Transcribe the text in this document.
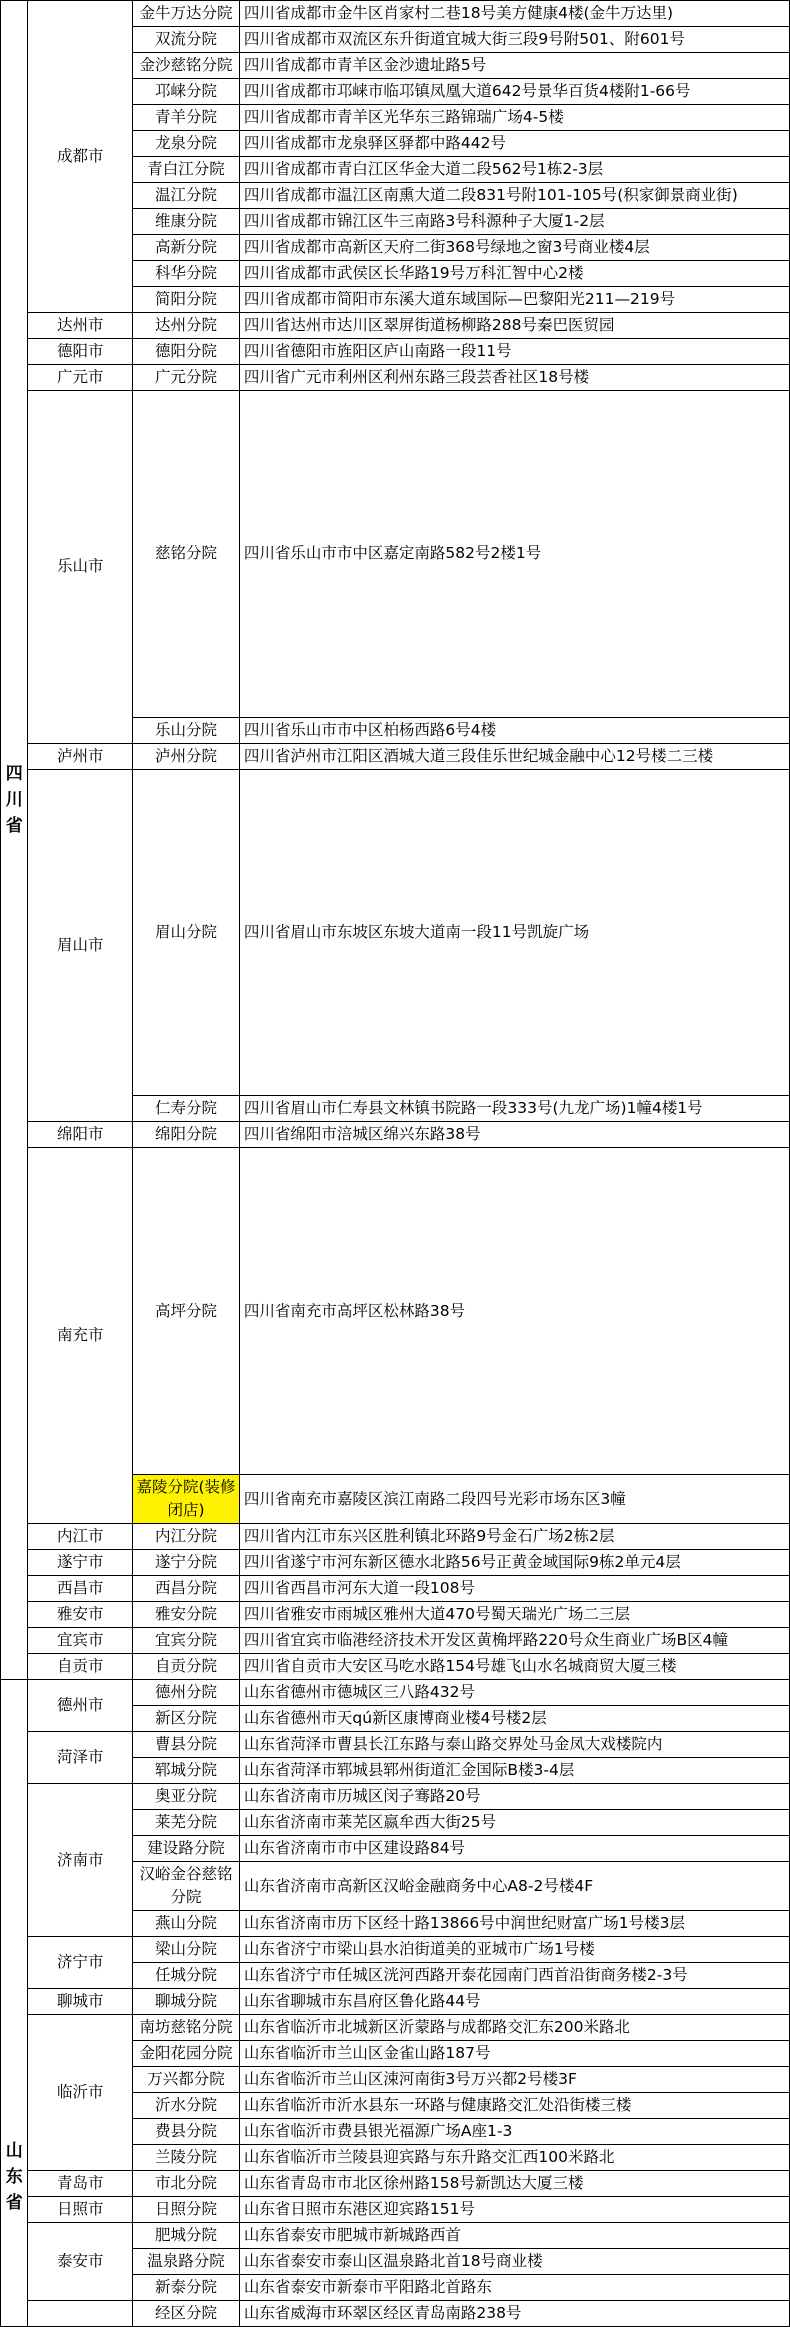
四
川
省	成都市	金牛万达分院	四川省成都市金牛区肖家村二巷18号美方健康4楼(金牛万达里)
		双流分院	四川省成都市双流区东升街道宜城大街三段9号附501、附601号
		金沙慈铭分院	四川省成都市青羊区金沙遗址路5号
		邛崃分院	四川省成都市邛崃市临邛镇凤凰大道642号景华百货4楼附1-66号
		青羊分院	四川省成都市青羊区光华东三路锦瑞广场4-5楼
		龙泉分院	四川省成都市龙泉驿区驿都中路442号
		青白江分院	四川省成都市青白江区华金大道二段562号1栋2-3层
		温江分院	四川省成都市温江区南熏大道二段831号附101-105号(积家御景商业街)
		维康分院	四川省成都市锦江区牛三南路3号科源种子大厦1-2层
		高新分院	四川省成都市高新区天府二街368号绿地之窗3号商业楼4层
		科华分院	四川省成都市武侯区长华路19号万科汇智中心2楼
		简阳分院	四川省成都市简阳市东溪大道东域国际—巴黎阳光211—219号
	达州市	达州分院	四川省达州市达川区翠屏街道杨柳路288号秦巴医贸园
	德阳市	德阳分院	四川省德阳市旌阳区庐山南路一段11号
	广元市	广元分院	四川省广元市利州区利州东路三段芸香社区18号楼
	乐山市	慈铭分院	四川省乐山市市中区嘉定南路582号2楼1号
		乐山分院	四川省乐山市市中区柏杨西路6号4楼
	泸州市	泸州分院	四川省泸州市江阳区酒城大道三段佳乐世纪城金融中心12号楼二三楼
	眉山市	眉山分院	四川省眉山市东坡区东坡大道南一段11号凯旋广场
		仁寿分院	四川省眉山市仁寿县文林镇书院路一段333号(九龙广场)1幢4楼1号
	绵阳市	绵阳分院	四川省绵阳市涪城区绵兴东路38号
	南充市	高坪分院	四川省南充市高坪区松林路38号
		嘉陵分院(装修闭店)	四川省南充市嘉陵区滨江南路二段四号光彩市场东区3幢
	内江市	内江分院	四川省内江市东兴区胜利镇北环路9号金石广场2栋2层
	遂宁市	遂宁分院	四川省遂宁市河东新区德水北路56号正黄金域国际9栋2单元4层
	西昌市	西昌分院	四川省西昌市河东大道一段108号
	雅安市	雅安分院	四川省雅安市雨城区雅州大道470号蜀天瑞光广场二三层
	宜宾市	宜宾分院	四川省宜宾市临港经济技术开发区黄桷坪路220号众生商业广场B区4幢
	自贡市	自贡分院	四川省自贡市大安区马吃水路154号雄飞山水名城商贸大厦三楼

山
东
省	德州市	德州分院	山东省德州市德城区三八路432号
		新区分院	山东省德州市天qú新区康博商业楼4号楼2层
	菏泽市	曹县分院	山东省菏泽市曹县长江东路与泰山路交界处马金凤大戏楼院内
		郓城分院	山东省菏泽市郓城县郓州街道汇金国际B楼3-4层
	济南市	奥亚分院	山东省济南市历城区闵子骞路20号
		莱芜分院	山东省济南市莱芜区嬴牟西大街25号
		建设路分院	山东省济南市市中区建设路84号
		汉峪金谷慈铭分院	山东省济南市高新区汉峪金融商务中心A8-2号楼4F
		燕山分院	山东省济南市历下区经十路13866号中润世纪财富广场1号楼3层
	济宁市	梁山分院	山东省济宁市梁山县水泊街道美的亚城市广场1号楼
		任城分院	山东省济宁市任城区洸河西路开泰花园南门西首沿街商务楼2-3号
	聊城市	聊城分院	山东省聊城市东昌府区鲁化路44号
	临沂市	南坊慈铭分院	山东省临沂市北城新区沂蒙路与成都路交汇东200米路北
		金阳花园分院	山东省临沂市兰山区金雀山路187号
		万兴都分院	山东省临沂市兰山区涑河南街3号万兴都2号楼3F
		沂水分院	山东省临沂市沂水县东一环路与健康路交汇处沿街楼三楼
		费县分院	山东省临沂市费县银光福源广场A座1-3
		兰陵分院	山东省临沂市兰陵县迎宾路与东升路交汇西100米路北
	青岛市	市北分院	山东省青岛市市北区徐州路158号新凯达大厦三楼
	日照市	日照分院	山东省日照市东港区迎宾路151号
	泰安市	肥城分院	山东省泰安市肥城市新城路西首
		温泉路分院	山东省泰安市泰山区温泉路北首18号商业楼
		新泰分院	山东省泰安市新泰市平阳路北首路东
		经区分院	山东省威海市环翠区经区青岛南路238号
